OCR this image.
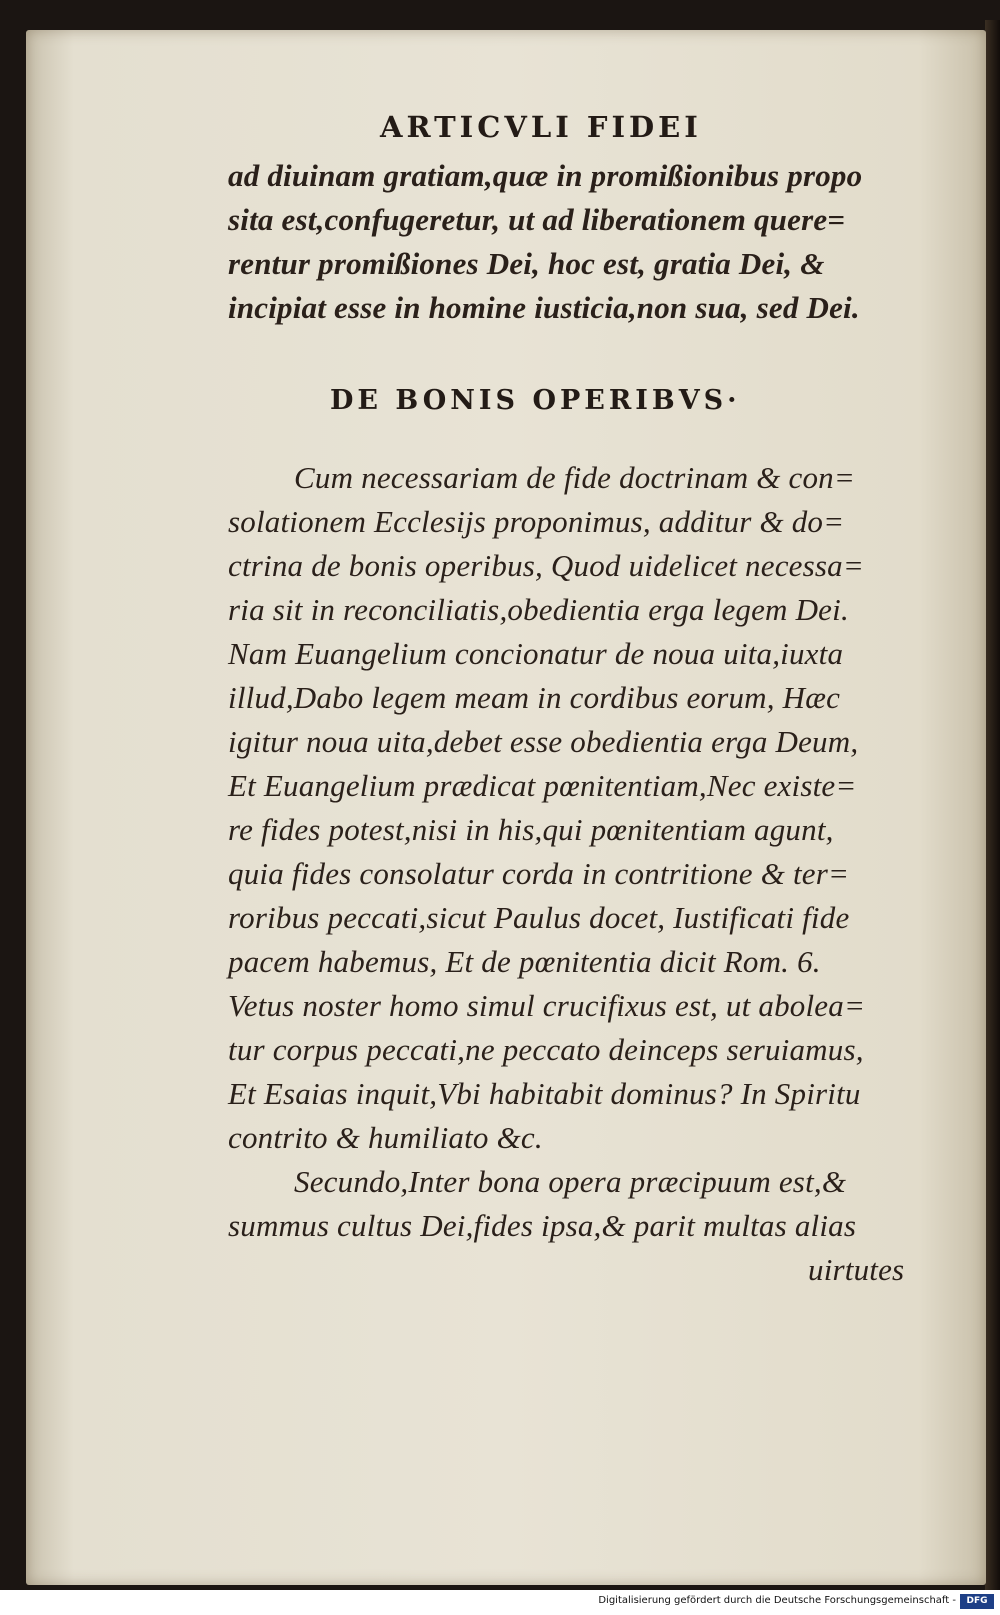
ARTICVLI FIDEI
ad diuinam gratiam,quæ in promißionibus propo
sita est,confugeretur, ut ad liberationem quere=
rentur promißiones Dei, hoc est, gratia Dei, &
incipiat esse in homine iusticia,non sua, sed Dei.
DE BONIS OPERIBVS·
Cum necessariam de fide doctrinam & con=
solationem Ecclesijs proponimus, additur & do=
ctrina de bonis operibus, Quod uidelicet necessa=
ria sit in reconciliatis,obedientia erga legem Dei.
Nam Euangelium concionatur de noua uita,iuxta
illud,Dabo legem meam in cordibus eorum, Hæc
igitur noua uita,debet esse obedientia erga Deum,
Et Euangelium prædicat pœnitentiam,Nec existe=
re fides potest,nisi in his,qui pœnitentiam agunt,
quia fides consolatur corda in contritione & ter=
roribus peccati,sicut Paulus docet, Iustificati fide
pacem habemus, Et de pœnitentia dicit Rom. 6.
Vetus noster homo simul crucifixus est, ut abolea=
tur corpus peccati,ne peccato deinceps seruiamus,
Et Esaias inquit,Vbi habitabit dominus? In Spiritu
contrito & humiliato &c.
Secundo,Inter bona opera præcipuum est,&
summus cultus Dei,fides ipsa,& parit multas alias
uirtutes
Digitalisierung gefördert durch die Deutsche Forschungsgemeinschaft -	DFG
